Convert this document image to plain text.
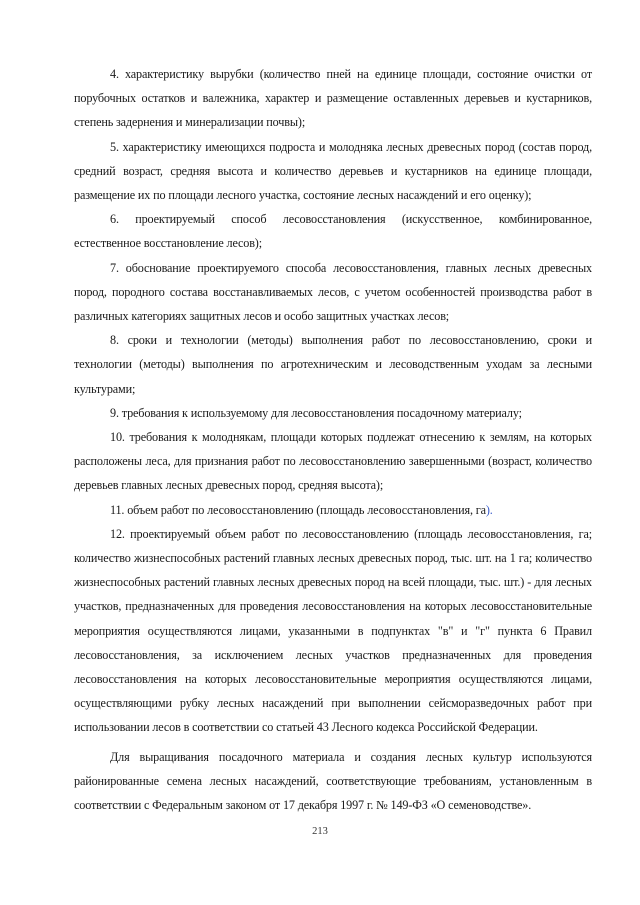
4. характеристику вырубки (количество пней на единице площади, состояние очистки от порубочных остатков и валежника, характер и размещение оставленных деревьев и кустарников, степень задернения и минерализации почвы);

5. характеристику имеющихся подроста и молодняка лесных древесных пород (состав пород, средний возраст, средняя высота и количество деревьев и кустарников на единице площади, размещение их по площади лесного участка, состояние лесных насаждений и его оценку);

6. проектируемый способ лесовосстановления (искусственное, комбинированное, естественное восстановление лесов);

7. обоснование проектируемого способа лесовосстановления, главных лесных древесных пород, породного состава восстанавливаемых лесов, с учетом особенностей производства работ в различных категориях защитных лесов и особо защитных участках лесов;

8. сроки и технологии (методы) выполнения работ по лесовосстановлению, сроки и технологии (методы) выполнения по агротехническим и лесоводственным уходам за лесными культурами;

9. требования к используемому для лесовосстановления посадочному материалу;

10. требования к молоднякам, площади которых подлежат отнесению к землям, на которых расположены леса, для признания работ по лесовосстановлению завершенными (возраст, количество деревьев главных лесных древесных пород, средняя высота);

11. объем работ по лесовосстановлению (площадь лесовосстановления, га).

12. проектируемый объем работ по лесовосстановлению (площадь лесовосстановления, га; количество жизнеспособных растений главных лесных древесных пород, тыс. шт. на 1 га; количество жизнеспособных растений главных лесных древесных пород на всей площади, тыс. шт.) - для лесных участков, предназначенных для проведения лесовосстановления на которых лесовосстановительные мероприятия осуществляются лицами, указанными в подпунктах "в" и "г" пункта 6 Правил лесовосстановления, за исключением лесных участков предназначенных для проведения лесовосстановления на которых лесовосстановительные мероприятия осуществляются лицами, осуществляющими рубку лесных насаждений при выполнении сейсморазведочных работ при использовании лесов в соответствии со статьей 43 Лесного кодекса Российской Федерации.

Для выращивания посадочного материала и создания лесных культур используются районированные семена лесных насаждений, соответствующие требованиям, установленным в соответствии с Федеральным законом от 17 декабря 1997 г. № 149-ФЗ «О семеноводстве».

213
